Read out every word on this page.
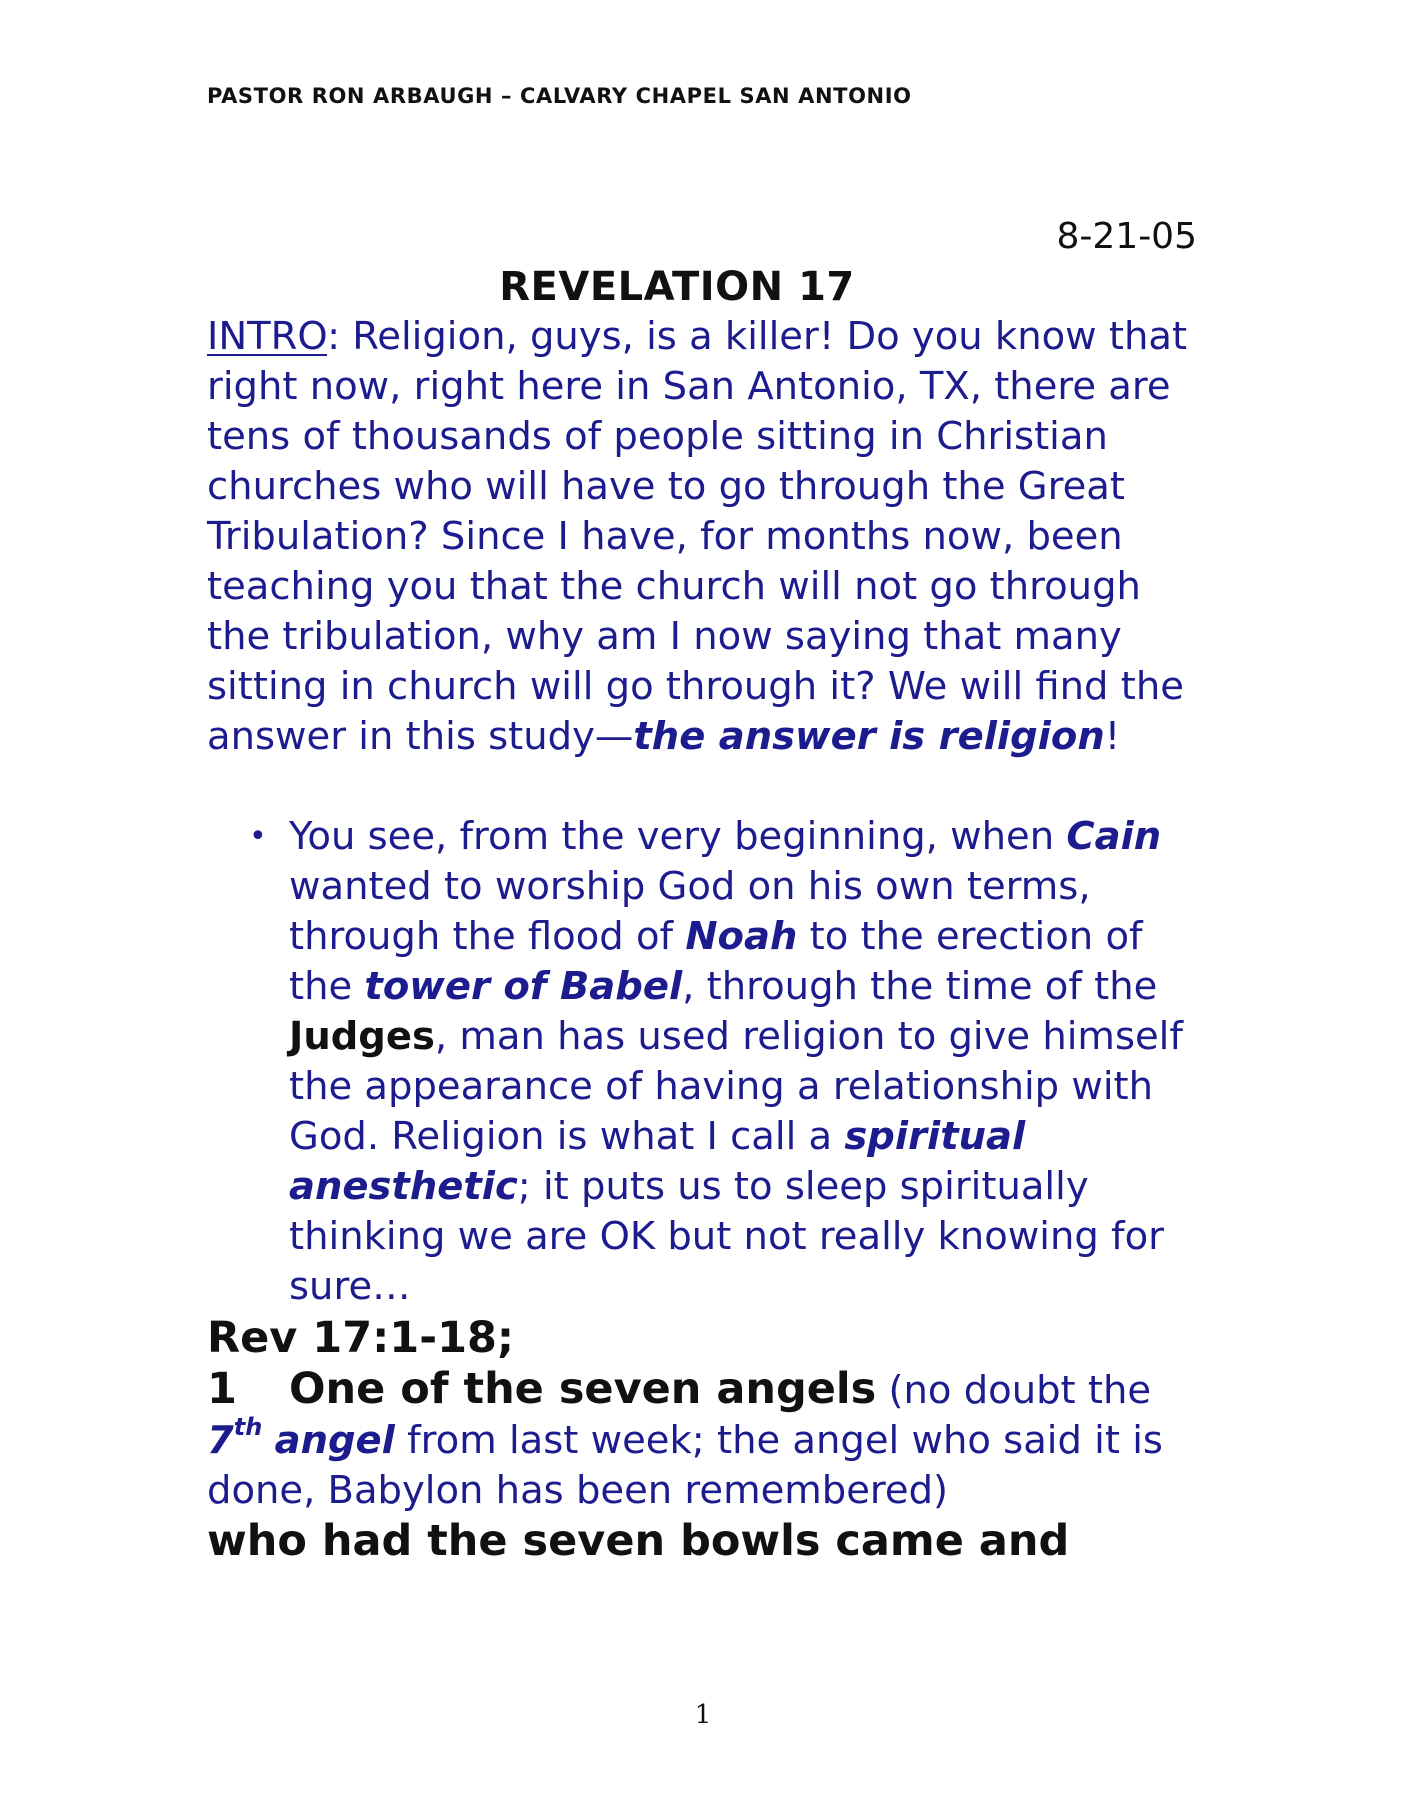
PASTOR RON ARBAUGH – CALVARY CHAPEL SAN ANTONIO
8-21-05
REVELATION 17
INTRO: Religion, guys, is a killer! Do you know that right now, right here in San Antonio, TX, there are tens of thousands of people sitting in Christian churches who will have to go through the Great Tribulation? Since I have, for months now, been teaching you that the church will not go through the tribulation, why am I now saying that many sitting in church will go through it? We will find the answer in this study—the answer is religion!
• You see, from the very beginning, when Cain wanted to worship God on his own terms, through the flood of Noah to the erection of the tower of Babel, through the time of the Judges, man has used religion to give himself the appearance of having a relationship with God. Religion is what I call a spiritual anesthetic; it puts us to sleep spiritually thinking we are OK but not really knowing for sure…
Rev 17:1-18;
1 One of the seven angels (no doubt the 7th angel from last week; the angel who said it is done, Babylon has been remembered)
who had the seven bowls came and
1
